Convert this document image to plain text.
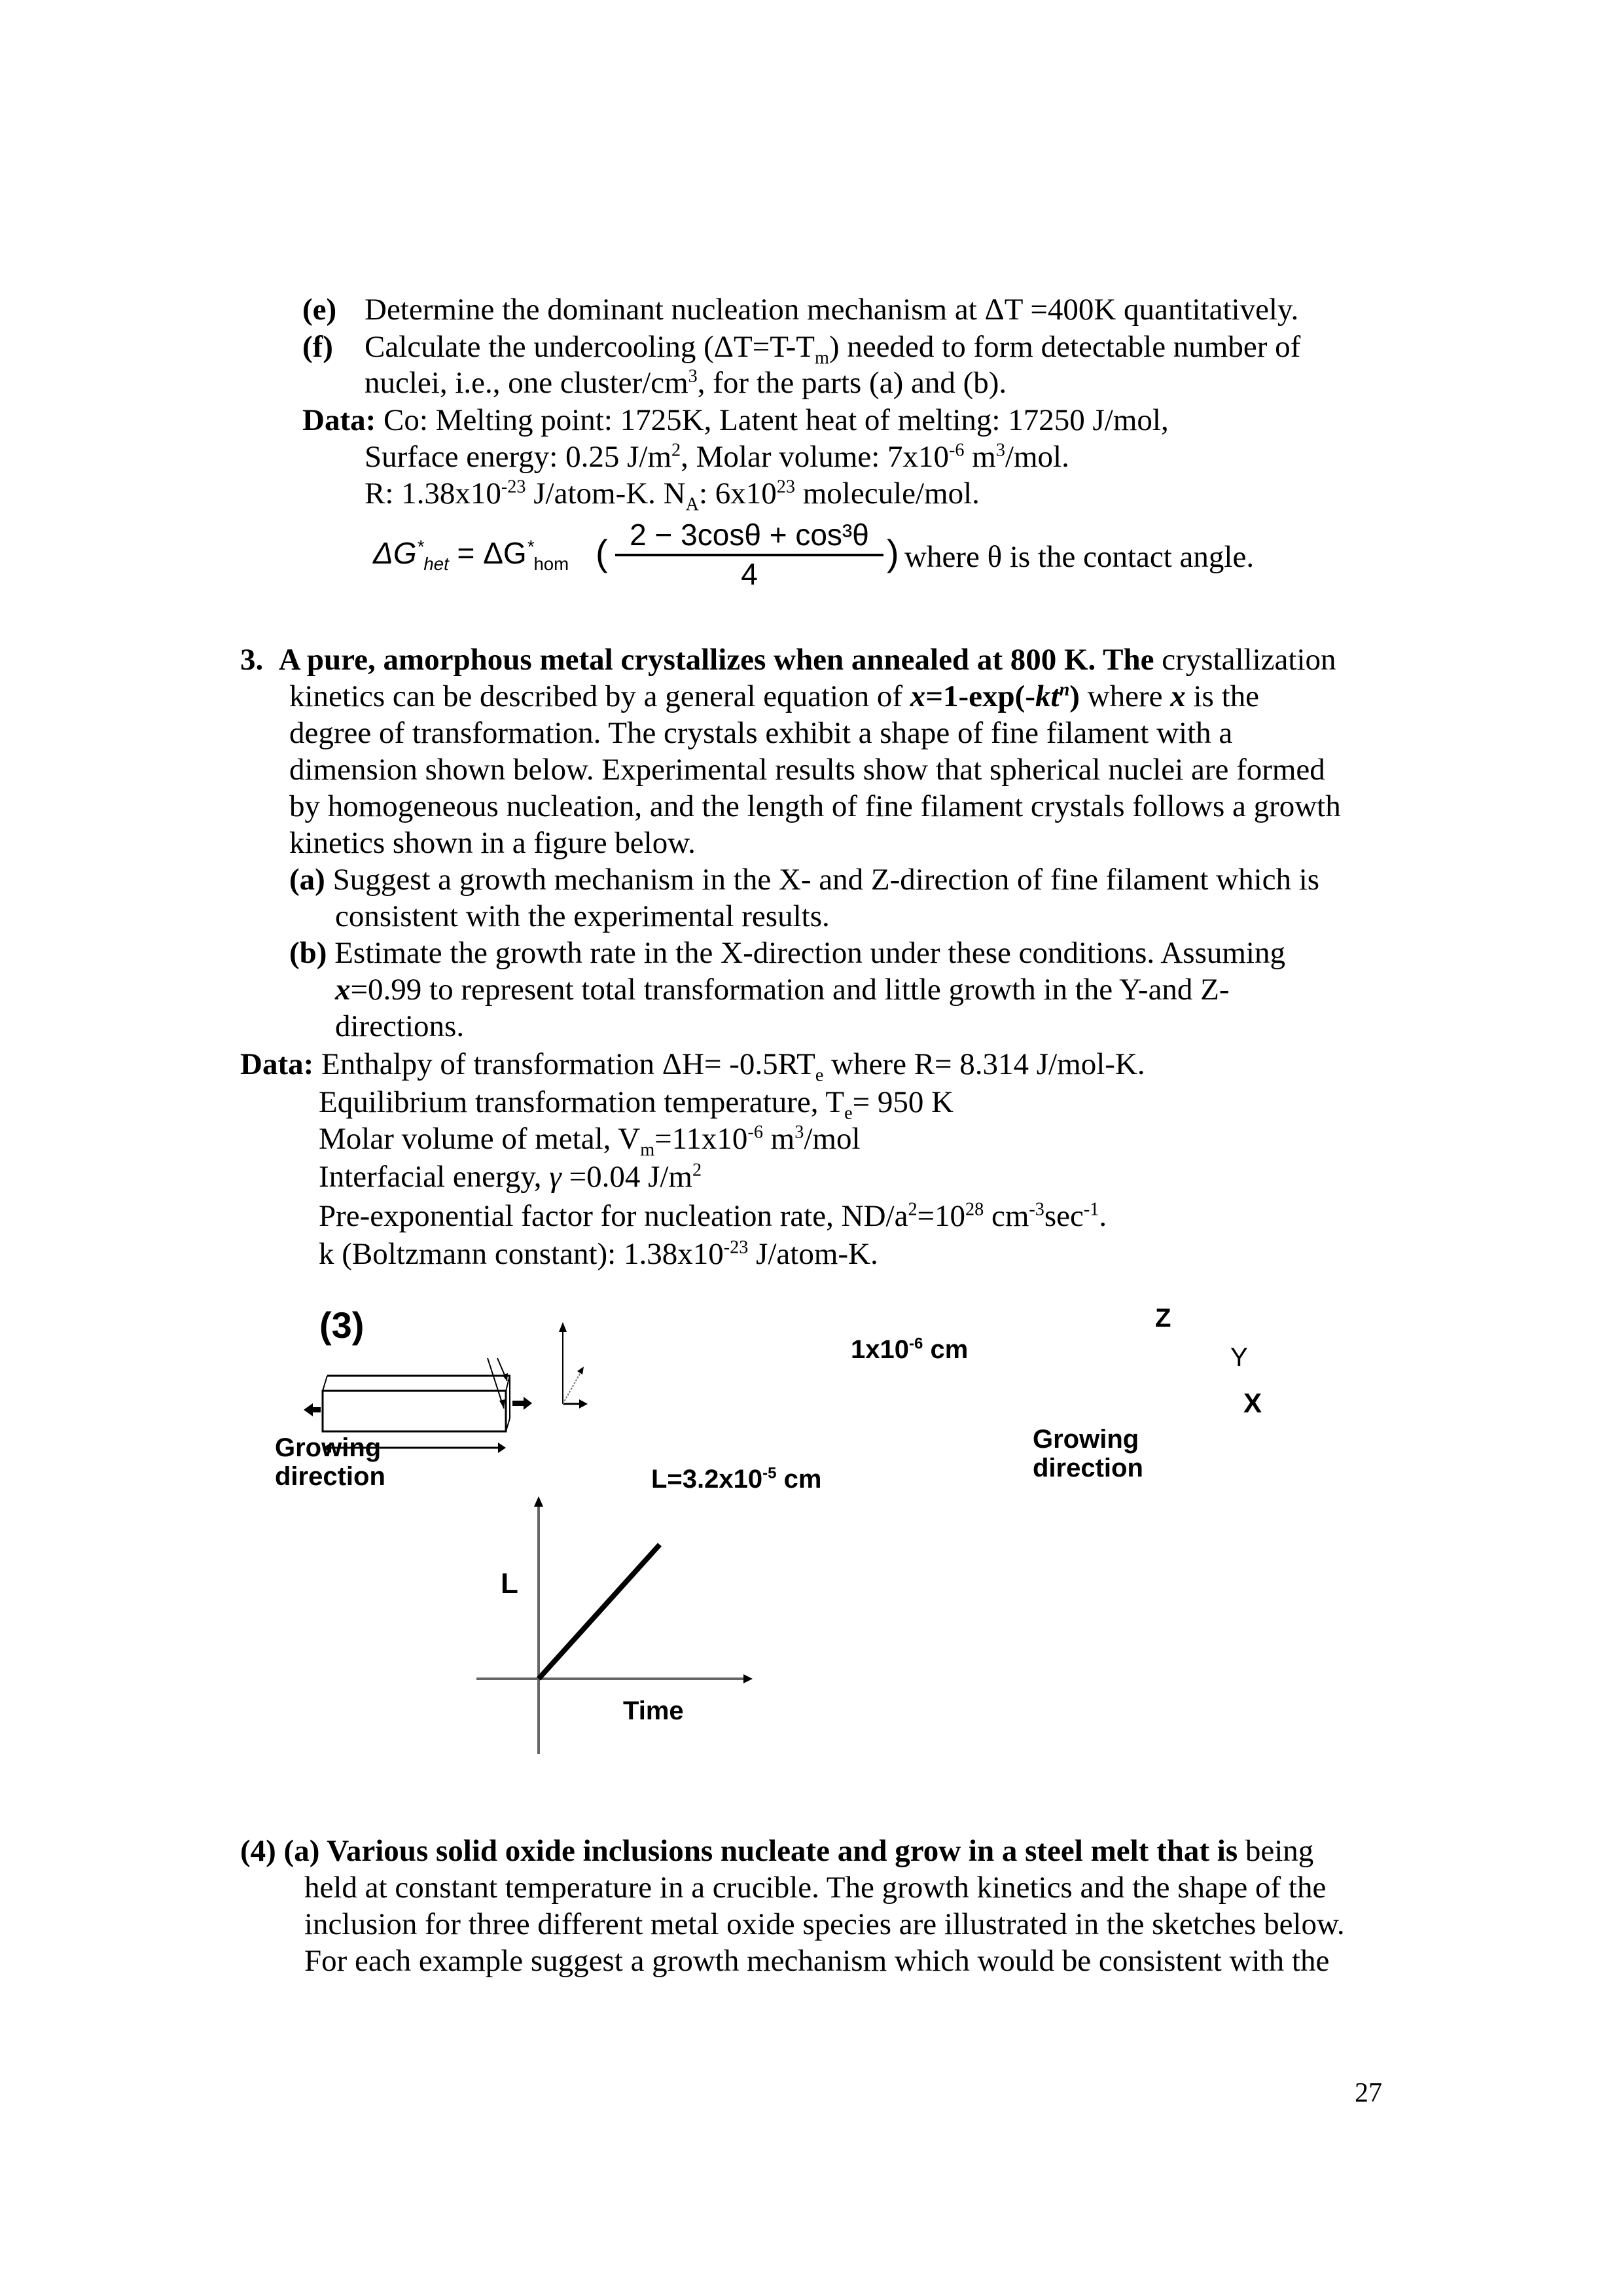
(e) Determine the dominant nucleation mechanism at ΔT =400K quantitatively.
(f) Calculate the undercooling $(\Delta T=T-T_m)$ needed to form detectable number of
nuclei, i.e., one cluster/$cm^3$, for the parts (a) and (b).
Data: Co: Melting point: 1725K, Latent heat of melting: 17250 J/mol,
Surface energy: 0.25 $J/m^2$, Molar volume: $7x10^{-6}$ $m^3$/mol.
R: $1.38x10^{-23}$ J/atom-K. $N_A$: $6x10^{23}$ molecule/mol.
$\Delta G^*_{het} = \Delta G^*_{hom}$ ( $\frac{\text{2 − 3cosθ + cos³θ}}{4}$ ) where θ is the contact angle.
3. A pure, amorphous metal crystallizes when annealed at 800 K. The crystallization
kinetics can be described by a general equation of $x=1-\exp(-kt^n)$ where x is the
degree of transformation. The crystals exhibit a shape of fine filament with a
dimension shown below. Experimental results show that spherical nuclei are formed
by homogeneous nucleation, and the length of fine filament crystals follows a growth
kinetics shown in a figure below.
(a) Suggest a growth mechanism in the X- and Z-direction of fine filament which is
consistent with the experimental results.
(b) Estimate the growth rate in the X-direction under these conditions. Assuming
x=0.99 to represent total transformation and little growth in the Y-and Z-
directions.
Data: Enthalpy of transformation $\Delta H= -0.5RT_e$ where R= 8.314 J/mol-K.
Equilibrium transformation temperature, $T_e= 950$ K
Molar volume of metal, $V_m=11x10^{-6}$ $m^3$/mol
Interfacial energy, γ =0.04 $J/m^2$
Pre-exponential factor for nucleation rate, $ND/a^2=10^{28}$ $cm^{-3}\sec^{-1}$.
k (Boltzmann constant): $1.38x10^{-23}$ J/atom-K.
(3)
$1x10^{-6}$ cm
Growing
direction
Growing
direction
$L=3.2x10^{-5}$ cm
Z
Y
X
L
Time
(4) (a) Various solid oxide inclusions nucleate and grow in a steel melt that is being
held at constant temperature in a crucible. The growth kinetics and the shape of the
inclusion for three different metal oxide species are illustrated in the sketches below.
For each example suggest a growth mechanism which would be consistent with the
27
